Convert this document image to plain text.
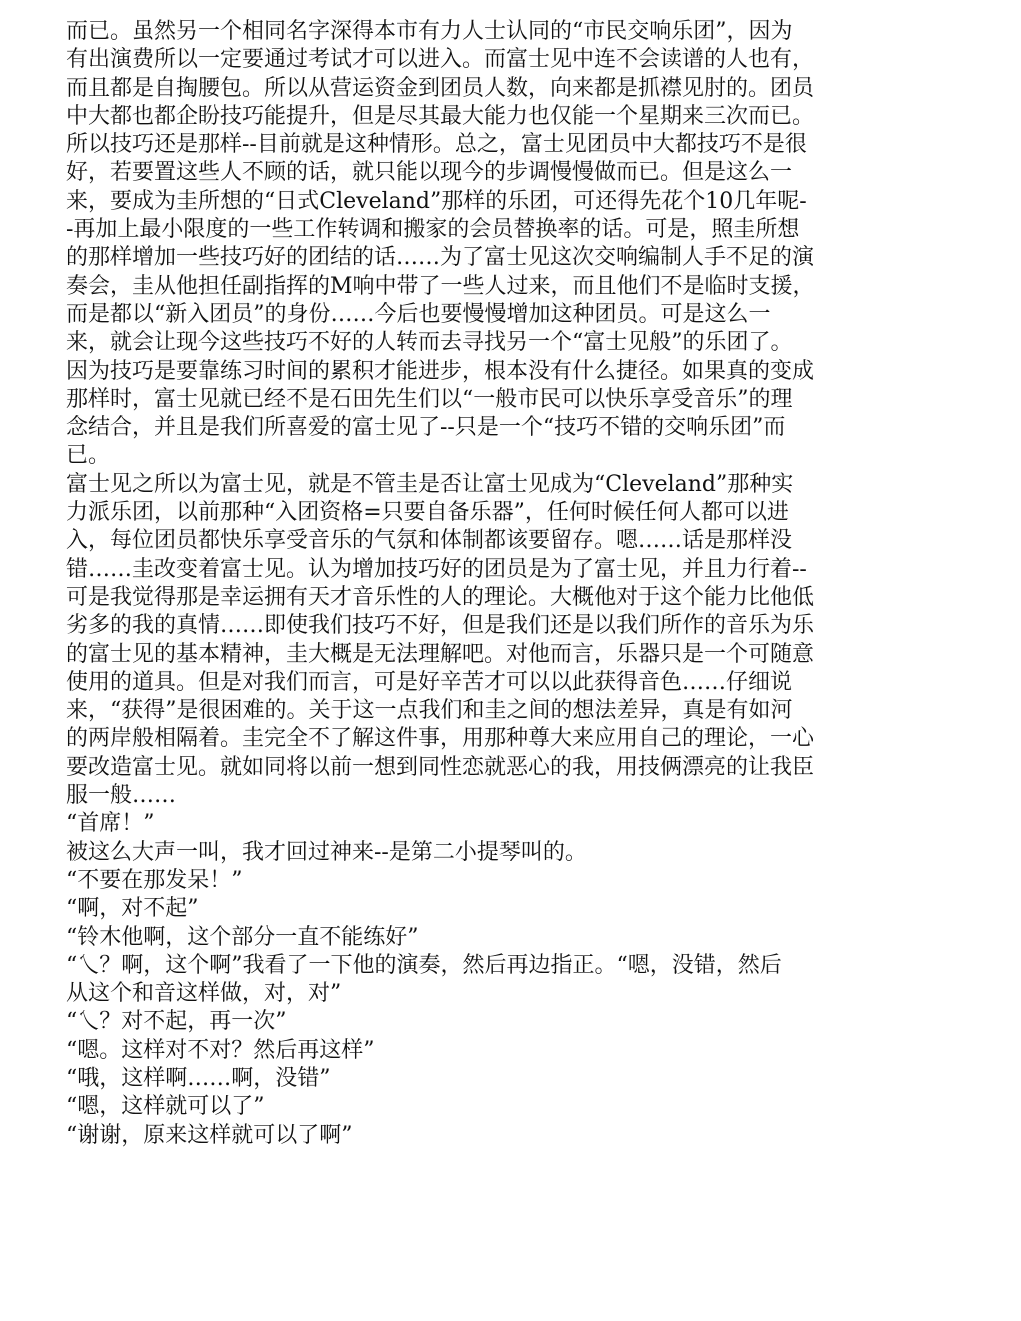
而已。虽然另一个相同名字深得本市有力人士认同的“市民交响乐团”，因为
有出演费所以一定要通过考试才可以进入。而富士见中连不会读谱的人也有，
而且都是自掏腰包。所以从营运资金到团员人数，向来都是抓襟见肘的。团员
中大都也都企盼技巧能提升，但是尽其最大能力也仅能一个星期来三次而已。
所以技巧还是那样--目前就是这种情形。总之，富士见团员中大都技巧不是很
好，若要置这些人不顾的话，就只能以现今的步调慢慢做而已。但是这么一
来，要成为圭所想的“日式Cleveland”那样的乐团，可还得先花个10几年呢-
-再加上最小限度的一些工作转调和搬家的会员替换率的话。可是，照圭所想
的那样增加一些技巧好的团结的话……为了富士见这次交响编制人手不足的演
奏会，圭从他担任副指挥的M响中带了一些人过来，而且他们不是临时支援，
而是都以“新入团员”的身份……今后也要慢慢增加这种团员。可是这么一
来，就会让现今这些技巧不好的人转而去寻找另一个“富士见般”的乐团了。
因为技巧是要靠练习时间的累积才能进步，根本没有什么捷径。如果真的变成
那样时，富士见就已经不是石田先生们以“一般市民可以快乐享受音乐”的理
念结合，并且是我们所喜爱的富士见了--只是一个“技巧不错的交响乐团”而
已。
富士见之所以为富士见，就是不管圭是否让富士见成为“Cleveland”那种实
力派乐团，以前那种“入团资格=只要自备乐器”，任何时候任何人都可以进
入，每位团员都快乐享受音乐的气氛和体制都该要留存。嗯……话是那样没
错……圭改变着富士见。认为增加技巧好的团员是为了富士见，并且力行着--
可是我觉得那是幸运拥有天才音乐性的人的理论。大概他对于这个能力比他低
劣多的我的真情……即使我们技巧不好，但是我们还是以我们所作的音乐为乐
的富士见的基本精神，圭大概是无法理解吧。对他而言，乐器只是一个可随意
使用的道具。但是对我们而言，可是好辛苦才可以以此获得音色……仔细说
来，“获得”是很困难的。关于这一点我们和圭之间的想法差异，真是有如河
的两岸般相隔着。圭完全不了解这件事，用那种尊大来应用自己的理论，一心
要改造富士见。就如同将以前一想到同性恋就恶心的我，用技俩漂亮的让我臣
服一般……
“首席！”
被这么大声一叫，我才回过神来--是第二小提琴叫的。
“不要在那发呆！”
“啊，对不起”
“铃木他啊，这个部分一直不能练好”
“乀？啊，这个啊”我看了一下他的演奏，然后再边指正。“嗯，没错，然后
从这个和音这样做，对，对”
“乀？对不起，再一次”
“嗯。这样对不对？然后再这样”
“哦，这样啊……啊，没错”
“嗯，这样就可以了”
“谢谢，原来这样就可以了啊”
